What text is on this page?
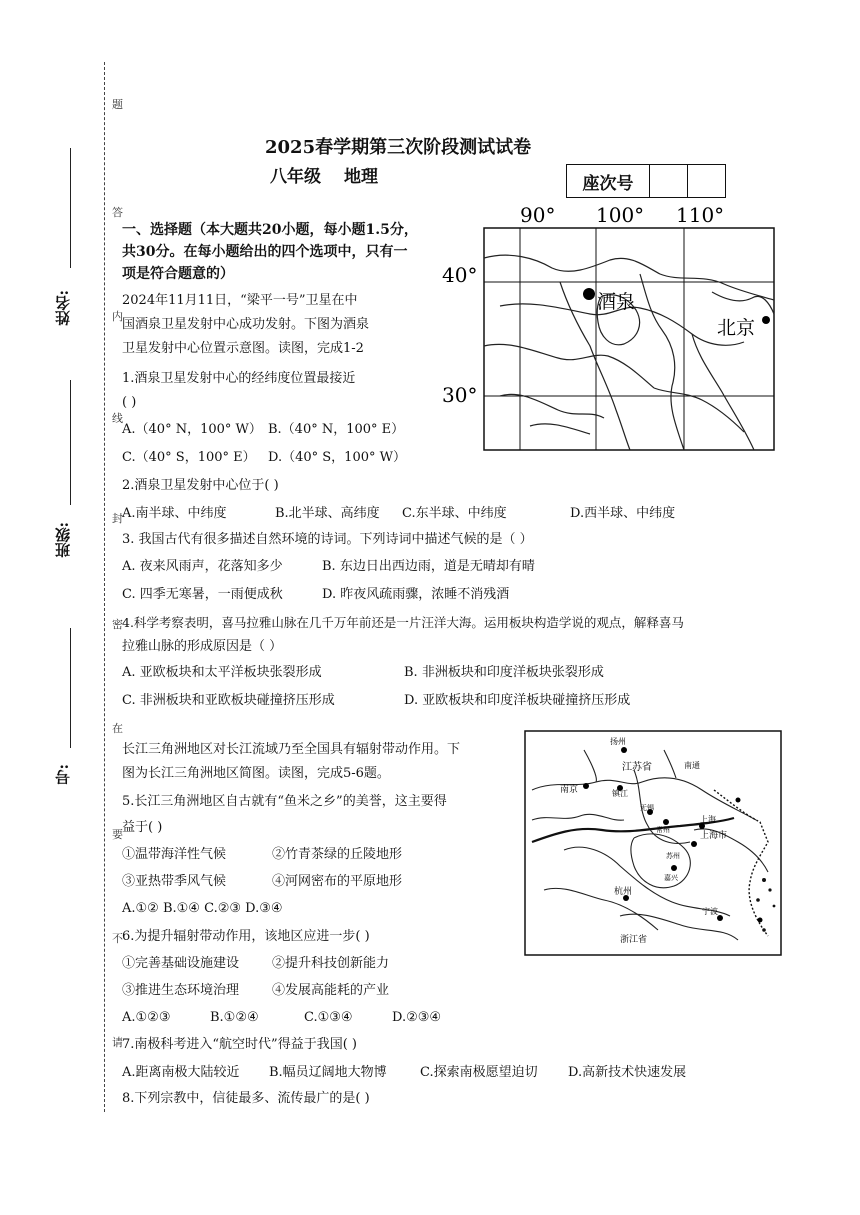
题
答
内
线
封
密
在
要
不
请
姓名:
班级:
号:
2025春学期第三次阶段测试试卷
八年级 地理	座次号
一、选择题（本大题共20小题，每小题1.5分，
共30分。在每小题给出的四个选项中，只有一
项是符合题意的）
2024年11月11日，“梁平一号”卫星在中
国酒泉卫星发射中心成功发射。下图为酒泉
卫星发射中心位置示意图。读图，完成1-2
90° 100° 110°
40°
30°
酒泉
北京
1.酒泉卫星发射中心的经纬度位置最接近
( )
A.（40° N，100° W） B.（40° N，100° E）
C.（40° S，100° E） D.（40° S，100° W）
2.酒泉卫星发射中心位于( )
A.南半球、中纬度	B.北半球、高纬度 C.东半球、中纬度	D.西半球、中纬度
3. 我国古代有很多描述自然环境的诗词。下列诗词中描述气候的是（ ）
A. 夜来风雨声，花落知多少	B. 东边日出西边雨，道是无晴却有晴
C. 四季无寒暑，一雨便成秋	D. 昨夜风疏雨骤，浓睡不消残酒
4.科学考察表明，喜马拉雅山脉在几千万年前还是一片汪洋大海。运用板块构造学说的观点，解释喜马
拉雅山脉的形成原因是（ ）
A. 亚欧板块和太平洋板块张裂形成	B. 非洲板块和印度洋板块张裂形成
C. 非洲板块和亚欧板块碰撞挤压形成	D. 亚欧板块和印度洋板块碰撞挤压形成
长江三角洲地区对长江流域乃至全国具有辐射带动作用。下
图为长江三角洲地区简图。读图，完成5-6题。
扬州
江苏省	南通
南京	镇江
无锡
常州
上海
上海市
苏州
嘉兴
杭州
宁波
浙江省
5.长江三角洲地区自古就有“鱼米之乡”的美誉，这主要得
益于( )
①温带海洋性气候	②竹青茶绿的丘陵地形
③亚热带季风气候	④河网密布的平原地形
A.①② B.①④ C.②③ D.③④
6.为提升辐射带动作用，该地区应进一步( )
①完善基础设施建设	②提升科技创新能力
③推进生态环境治理	④发展高能耗的产业
A.①②③	B.①②④	C.①③④	D.②③④
7.南极科考进入“航空时代”得益于我国( )
A.距离南极大陆较近 B.幅员辽阔地大物博	C.探索南极愿望迫切 D.高新技术快速发展
8.下列宗教中，信徒最多、流传最广的是( )
